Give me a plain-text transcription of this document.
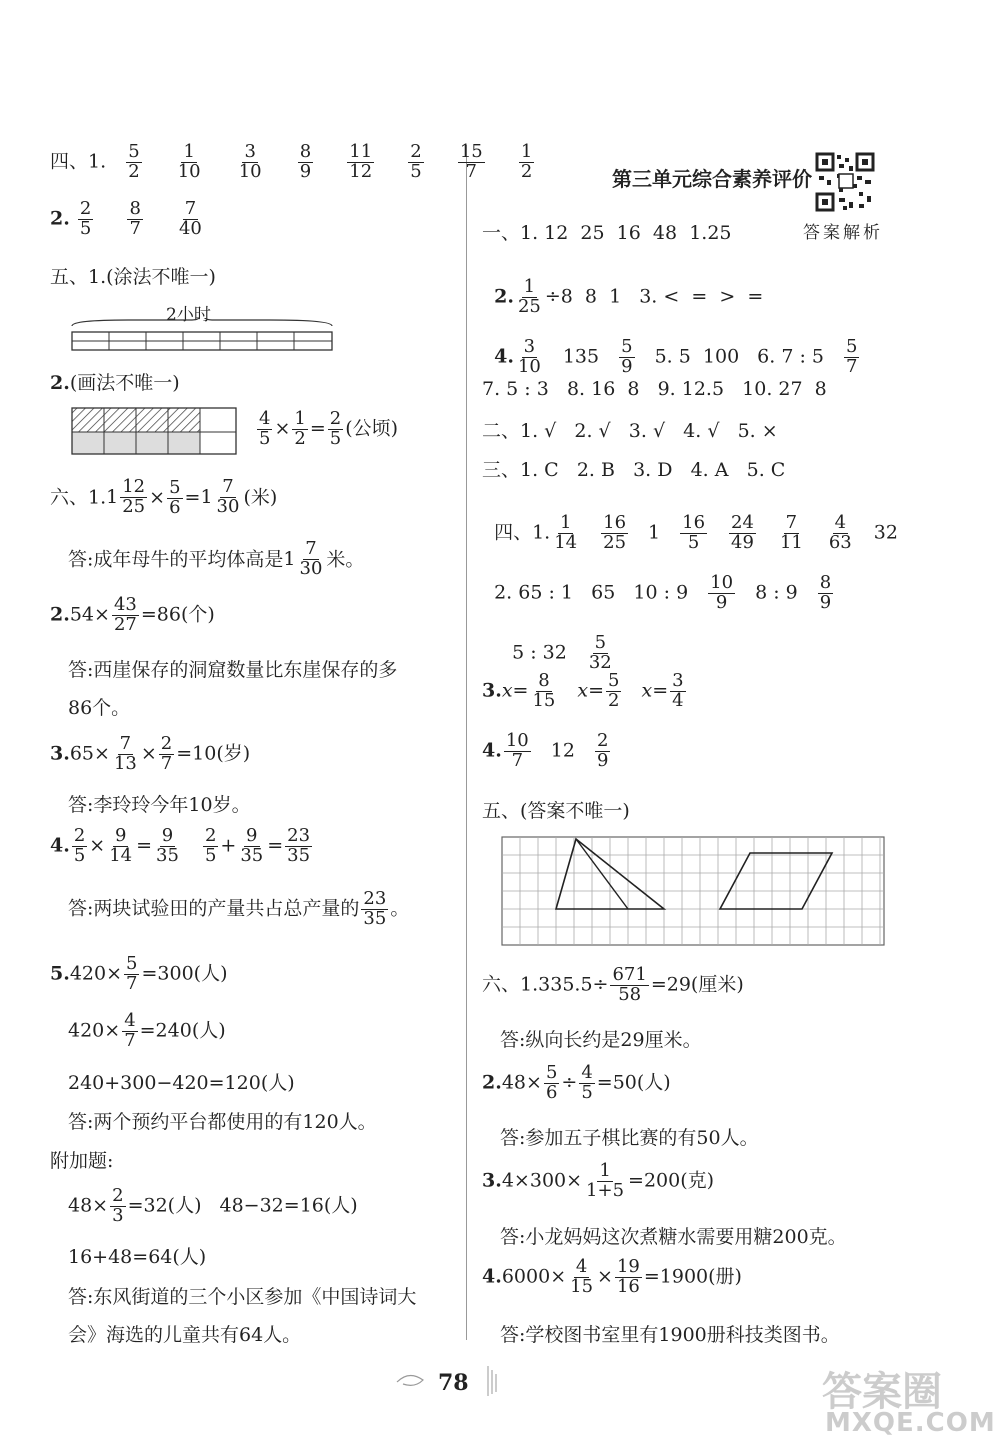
四、1. $\frac{5}{2}$
$\frac{1}{10}$
$\frac{3}{10}$
$\frac{8}{9}$
$\frac{11}{12}$
$\frac{2}{5}$
$\frac{15}{7}$
$\frac{1}{2}$
2. $\frac{2}{5}$
$\frac{8}{7}$
$\frac{7}{40}$
五、1.(涂法不唯一)
2小时
2.(画法不唯一)
$\frac{4}{5} \times \frac{1}{2} = \frac{2}{5}$ (公顷)
六、$1.1 \frac{12}{25} \times \frac{5}{6} =1 \frac{7}{30}$ (米)
答:成年母牛的平均体高是$1 \frac{7}{30}$ 米。
$2.54\times \frac{43}{27} =86$(个)
答:西崖保存的洞窟数量比东崖保存的多
86个。
$3.65\times \frac{7}{13} \times \frac{2}{7} =10$(岁)
答:李玲玲今年10岁。
4. $\frac{2}{5} \times \frac{9}{14} = \frac{9}{35} \frac{2}{5} + \frac{9}{35} = \frac{23}{35}$
答:两块试验田的产量共占总产量的 $\frac{23}{35}$ 。
$5.420\times \frac{5}{7} =300$(人)
$420\times \frac{4}{7} =240$(人)
240+300−420=120(人)
答:两个预约平台都使用的有120人。
附加题:
$48\times \frac{2}{3} =32$(人) 48−32=16(人)
16+48=64(人)
答:东风街道的三个小区参加《中国诗词大
会》海选的儿童共有64人。
第三单元综合素养评价
答案解析
一、1. 12  25  16  48  1.25

2. $\frac{1}{25} \div 8$  8  1 3. <  =  >  =

4. $\frac{3}{10} 135 \frac{5}{9} 5$. 5  100 6. 7 : $5 \frac{5}{7}$

7. 5 : 3   8. 16  8   9. 12.5   10. 27  8
二、1. √   2. √   3. √   4. √   5. ×
三、1. C   2. B   3. D   4. A   5. C

四、1. $\frac{1}{14} \frac{16}{25} 1 \frac{16}{5} \frac{24}{49} \frac{7}{11} \frac{4}{63} 32$

2. 65 : 1   65   10 : $9 \frac{10}{9} 8$ : $9 \frac{8}{9}$

5 : $32 \frac{5}{32}$

$3.x= \frac{8}{15} x= \frac{5}{2} x= \frac{3}{4}$
4. $\frac{10}{7} 12 \frac{2}{9}$
五、(答案不唯一)
六、$1.335.5\div \frac{671}{58} =29$(厘米)
答:纵向长约是29厘米。
$2.48\times \frac{5}{6} \div \frac{4}{5} =50$(人)
答:参加五子棋比赛的有50人。
$3.4\times 300\times \frac{1}{1+5} =200$(克)
答:小龙妈妈这次煮糖水需要用糖200克。
$4.6000\times \frac{4}{15} \times \frac{19}{16} =1900$(册)
答:学校图书室里有1900册科技类图书。
78	答案圈
MXQE.COM
